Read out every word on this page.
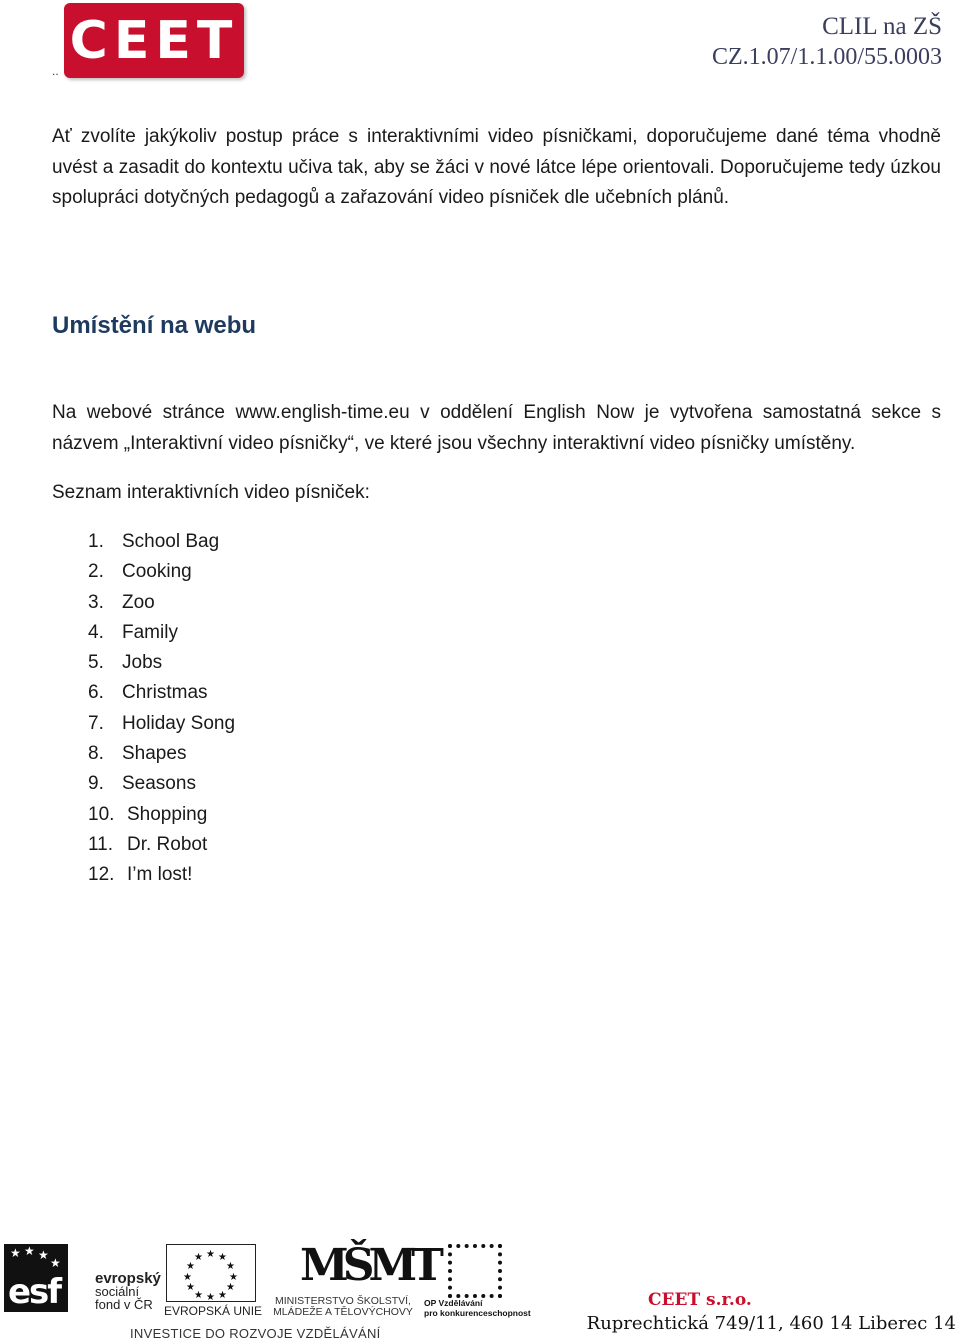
CEET
..
CLIL na ZŠ
CZ.1.07/1.1.00/55.0003
Ať zvolíte jakýkoliv postup práce s interaktivními video písničkami, doporučujeme dané téma vhodně uvést a zasadit do kontextu učiva tak, aby se žáci v nové látce lépe orientovali. Doporučujeme tedy úzkou spolupráci dotyčných pedagogů a zařazování video písniček dle učebních plánů.
Umístění na webu
Na webové stránce www.english-time.eu v oddělení English Now je vytvořena samostatná sekce s názvem „Interaktivní video písničky“, ve které jsou všechny interaktivní video písničky umístěny.
Seznam interaktivních video písniček:
1. School Bag
2. Cooking
3. Zoo
4. Family
5. Jobs
6. Christmas
7. Holiday Song
8. Shapes
9. Seasons
10. Shopping
11. Dr. Robot
12. I’m lost!
★ ★ ★
★
esf evropský
sociální
fond v ČR
★ ★
★
★
★
★
★
★
★
★
★
★
EVROPSKÁ UNIE
MŠMT
MINISTERSTVO ŠKOLSTVÍ,
MLÁDEŽE A TĚLOVÝCHOVY
OP Vzdělávání
pro konkurenceschopnost
INVESTICE DO ROZVOJE VZDĚLÁVÁNÍ
CEET s.r.o.
Ruprechtická 749/11, 460 14 Liberec 14
